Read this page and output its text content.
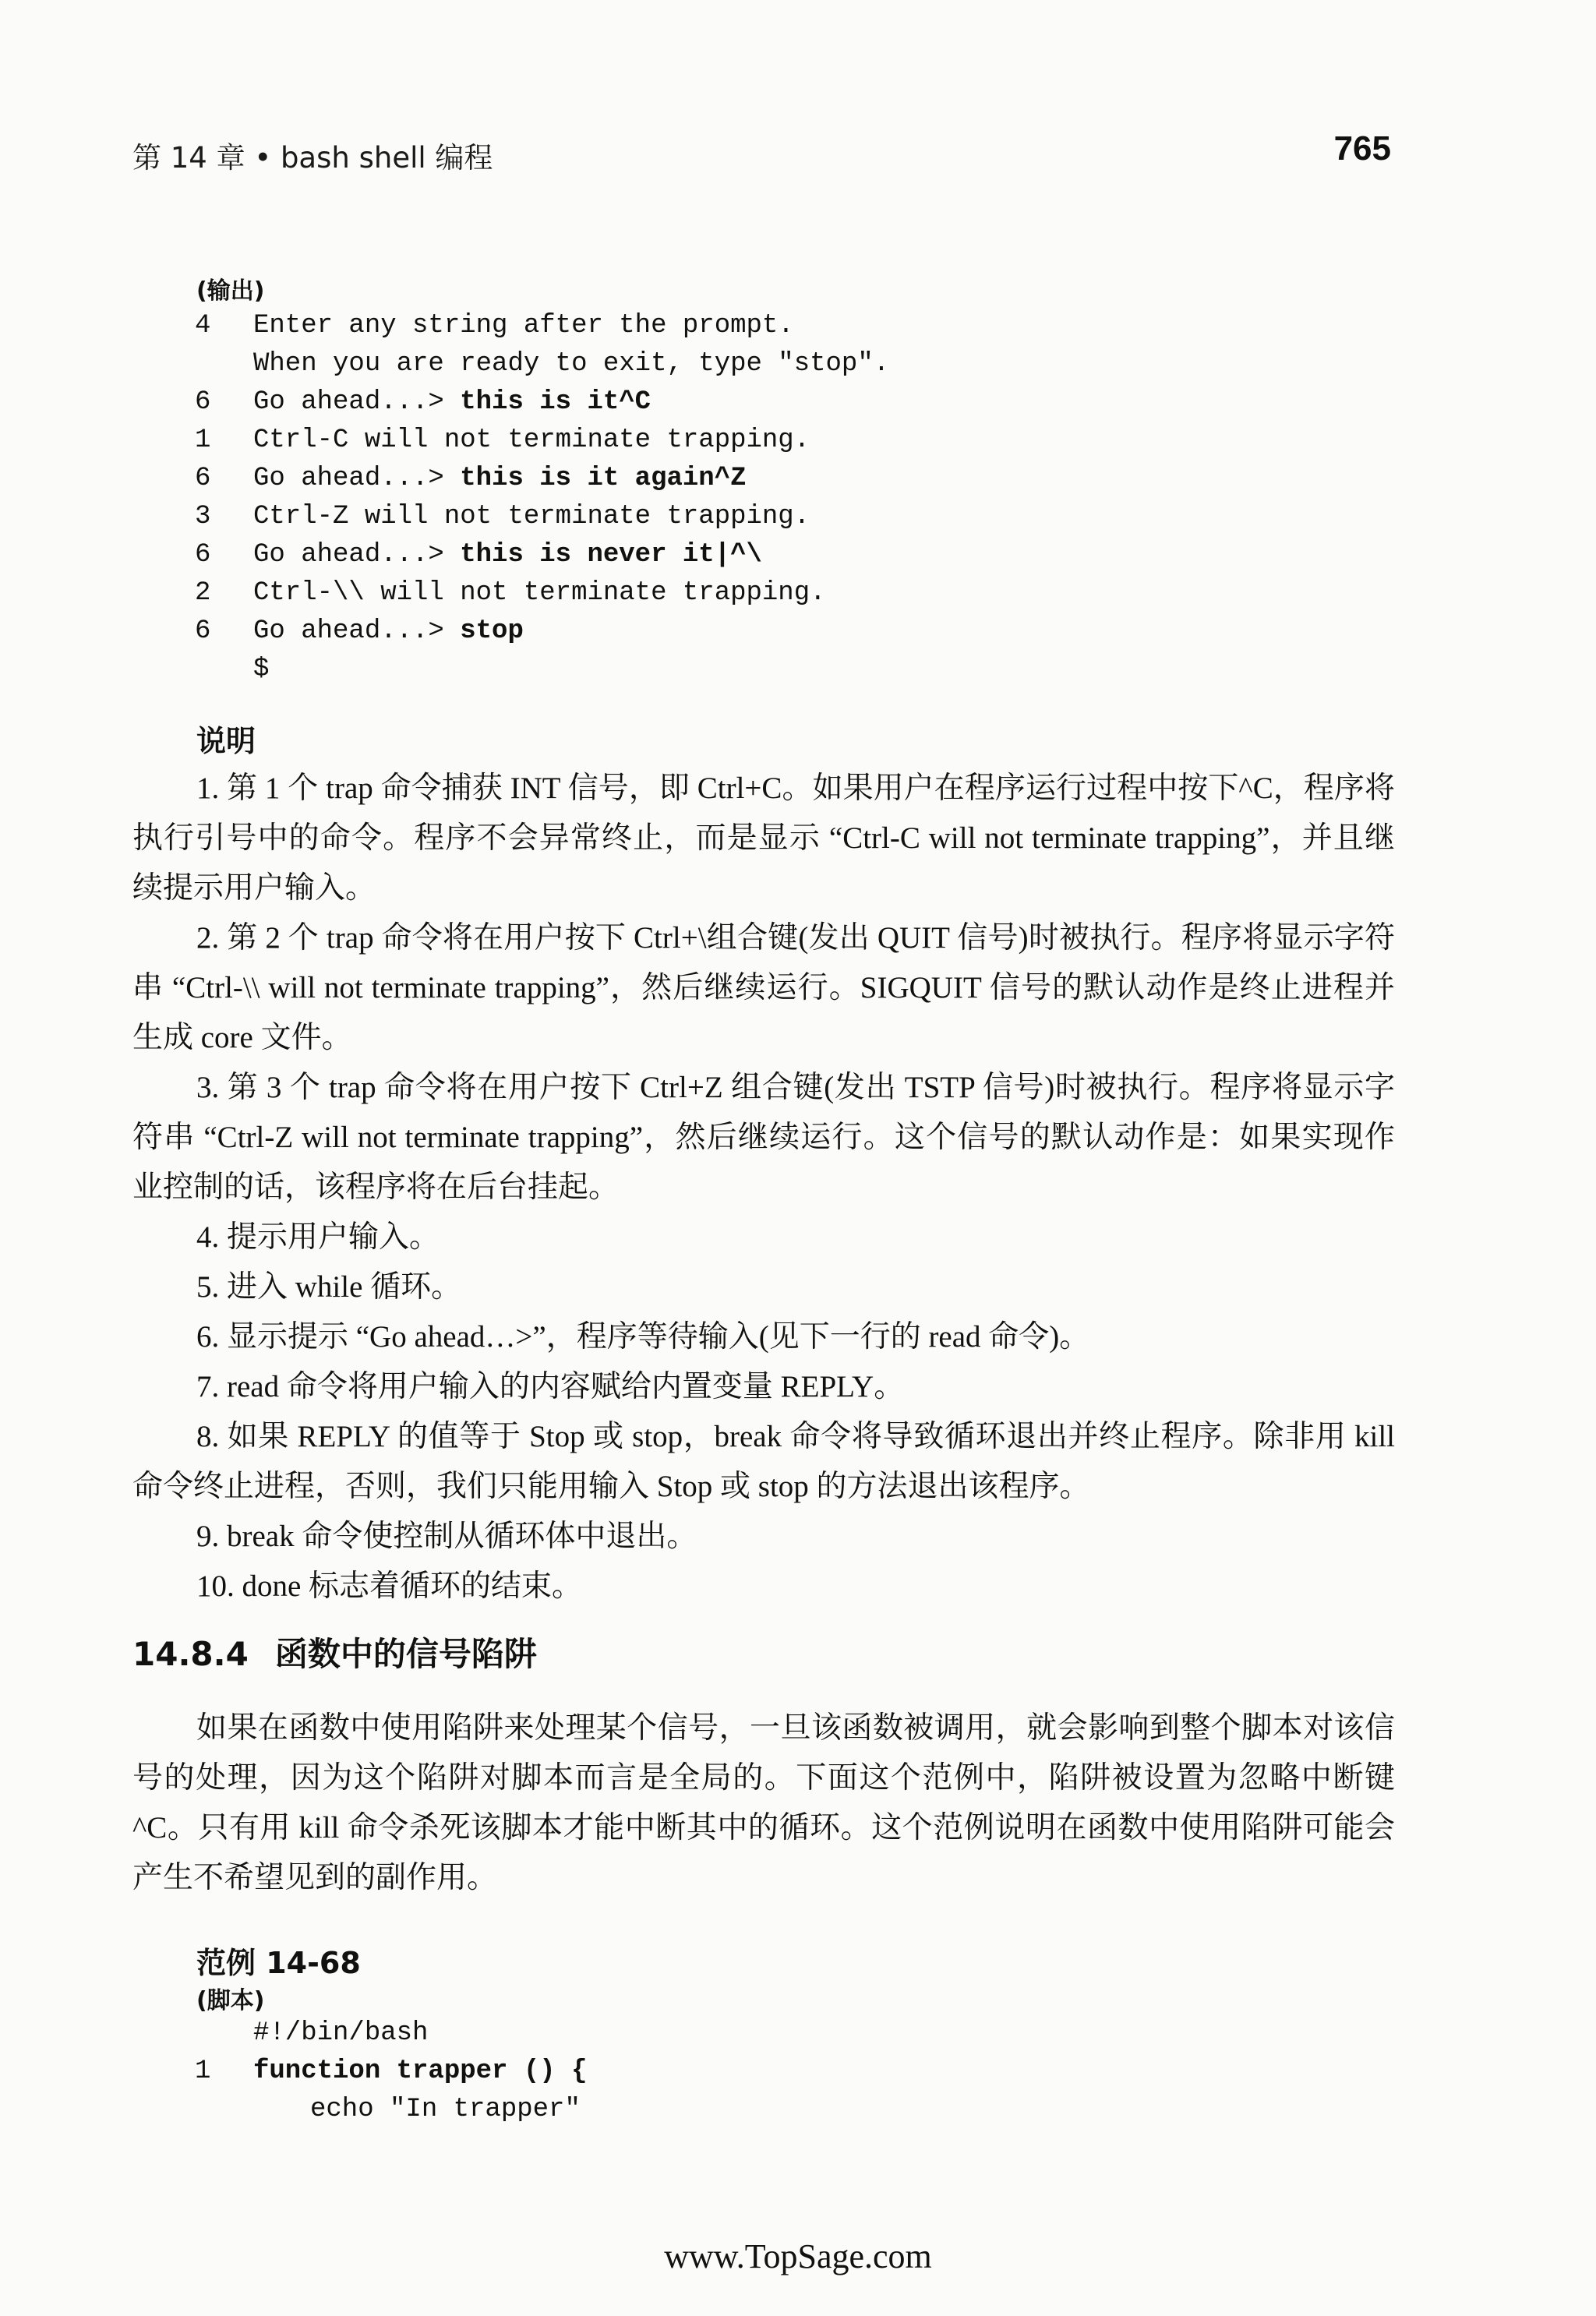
第 14 章 • bash shell 编程	765
(输出)
4 Enter any string after the prompt.
When you are ready to exit, type "stop".
6 Go ahead...> this is it^C
1 Ctrl-C will not terminate trapping.
6 Go ahead...> this is it again^Z
3 Ctrl-Z will not terminate trapping.
6 Go ahead...> this is never it|^\
2 Ctrl-\\ will not terminate trapping.
6 Go ahead...> stop
$
说明

1. 第 1 个 trap 命令捕获 INT 信号，即 Ctrl+C。如果用户在程序运行过程中按下^C，程序将执行引号中的命令。程序不会异常终止，而是显示 “Ctrl-C will not terminate trapping”，并且继续提示用户输入。

2. 第 2 个 trap 命令将在用户按下 Ctrl+\组合键(发出 QUIT 信号)时被执行。程序将显示字符串 “Ctrl-\\ will not terminate trapping”，然后继续运行。SIGQUIT 信号的默认动作是终止进程并生成 core 文件。

3. 第 3 个 trap 命令将在用户按下 Ctrl+Z 组合键(发出 TSTP 信号)时被执行。程序将显示字符串 “Ctrl-Z will not terminate trapping”，然后继续运行。这个信号的默认动作是：如果实现作业控制的话，该程序将在后台挂起。

4. 提示用户输入。

5. 进入 while 循环。

6. 显示提示 “Go ahead…>”，程序等待输入(见下一行的 read 命令)。

7. read 命令将用户输入的内容赋给内置变量 REPLY。

8. 如果 REPLY 的值等于 Stop 或 stop，break 命令将导致循环退出并终止程序。除非用 kill 命令终止进程，否则，我们只能用输入 Stop 或 stop 的方法退出该程序。

9. break 命令使控制从循环体中退出。

10. done 标志着循环的结束。

14.8.4 函数中的信号陷阱

如果在函数中使用陷阱来处理某个信号，一旦该函数被调用，就会影响到整个脚本对该信号的处理，因为这个陷阱对脚本而言是全局的。下面这个范例中，陷阱被设置为忽略中断键^C。只有用 kill 命令杀死该脚本才能中断其中的循环。这个范例说明在函数中使用陷阱可能会产生不希望见到的副作用。

范例 14-68
(脚本)
#!/bin/bash
1 function trapper () {
echo "In trapper"
www.TopSage.com
